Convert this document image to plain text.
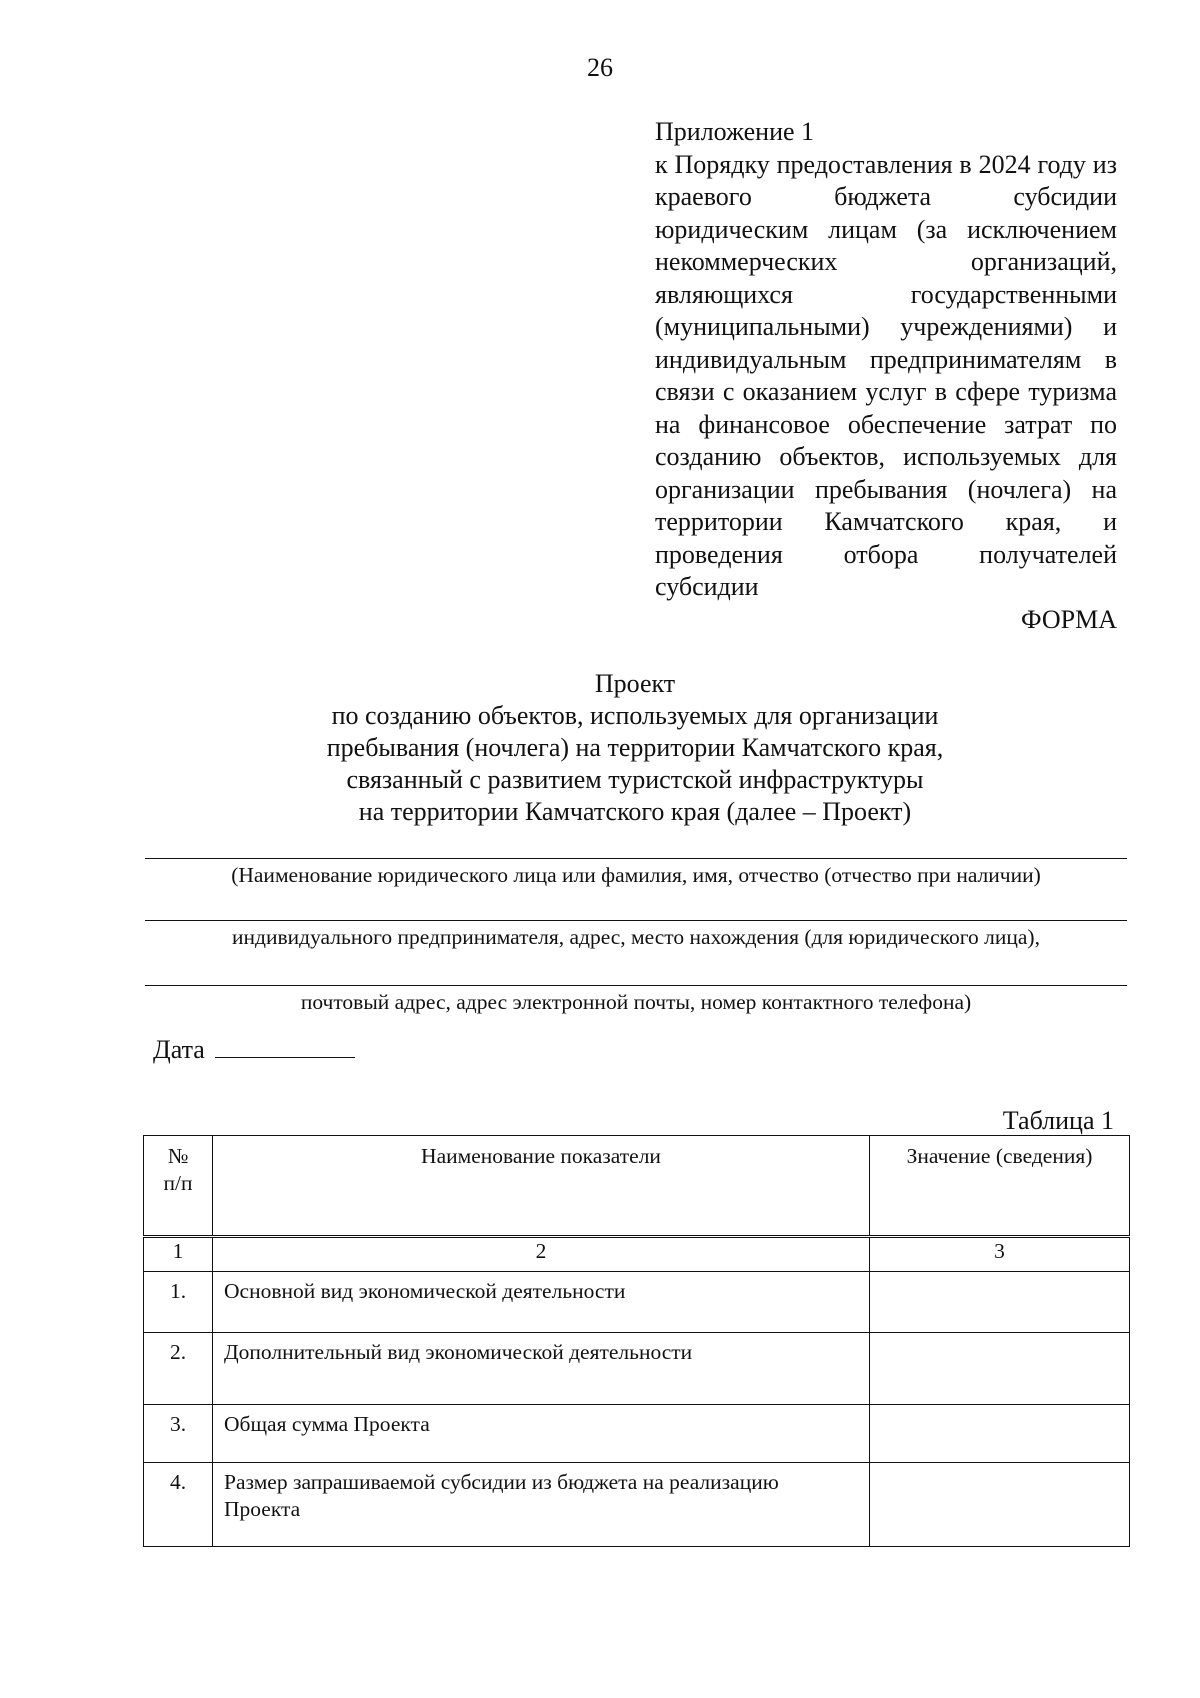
26
Приложение 1
к Порядку предоставления в 2024 году из краевого бюджета субсидии юридическим лицам (за исключением некоммерческих организаций, являющихся государственными (муниципальными) учреждениями) и индивидуальным предпринимателям в связи с оказанием услуг в сфере туризма на финансовое обеспечение затрат по созданию объектов, используемых для организации пребывания (ночлега) на территории Камчатского края, и проведения отбора получателей субсидии
ФОРМА
Проект
по созданию объектов, используемых для организации
пребывания (ночлега) на территории Камчатского края,
связанный с развитием туристской инфраструктуры
на территории Камчатского края (далее – Проект)
(Наименование юридического лица или фамилия, имя, отчество (отчество при наличии)
индивидуального предпринимателя, адрес, место нахождения (для юридического лица),
почтовый адрес, адрес электронной почты, номер контактного телефона)
Дата
Таблица 1
№
п/п
	Наименование показатели	Значение (сведения)
1	2	3
1.	Основной вид экономической деятельности	
2.	Дополнительный вид экономической деятельности	
3.	Общая сумма Проекта	
4.	Размер запрашиваемой субсидии из бюджета на реализацию Проекта	
